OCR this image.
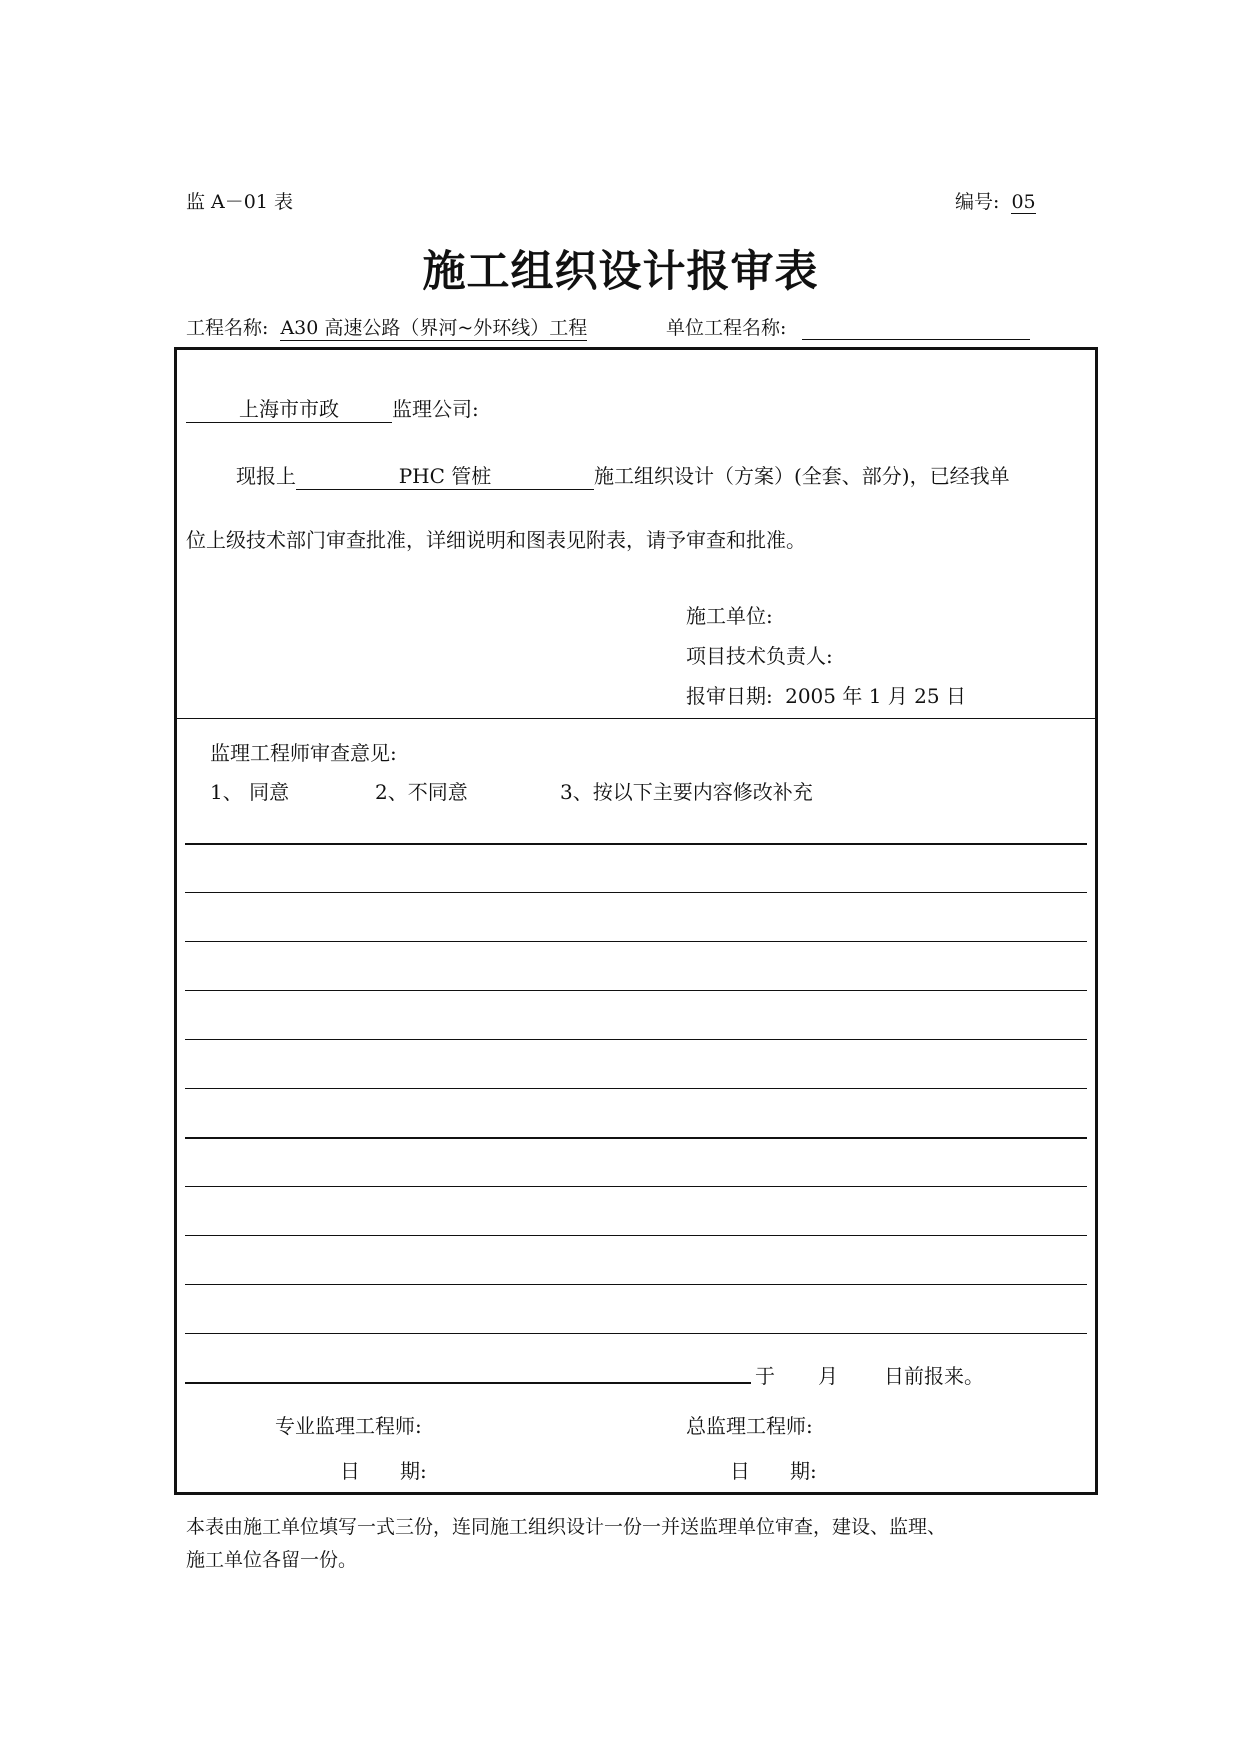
监 A－01 表	编号: 05
施工组织设计报审表
工程名称: A30 高速公路（界河~外环线）工程	单位工程名称:
上海市市政	监理公司:
现报上	PHC 管桩	施工组织设计（方案）(全套、部分)，已经我单
位上级技术部门审查批准，详细说明和图表见附表，请予审查和批准。
施工单位:
项目技术负责人:
报审日期: 2005 年 1 月 25 日
监理工程师审查意见:
1、 同意	2、不同意	3、按以下主要内容修改补充
于 月 日前报来。
专业监理工程师:
日　　期:
总监理工程师:
日　　期:
本表由施工单位填写一式三份，连同施工组织设计一份一并送监理单位审查，建设、监理、
施工单位各留一份。
